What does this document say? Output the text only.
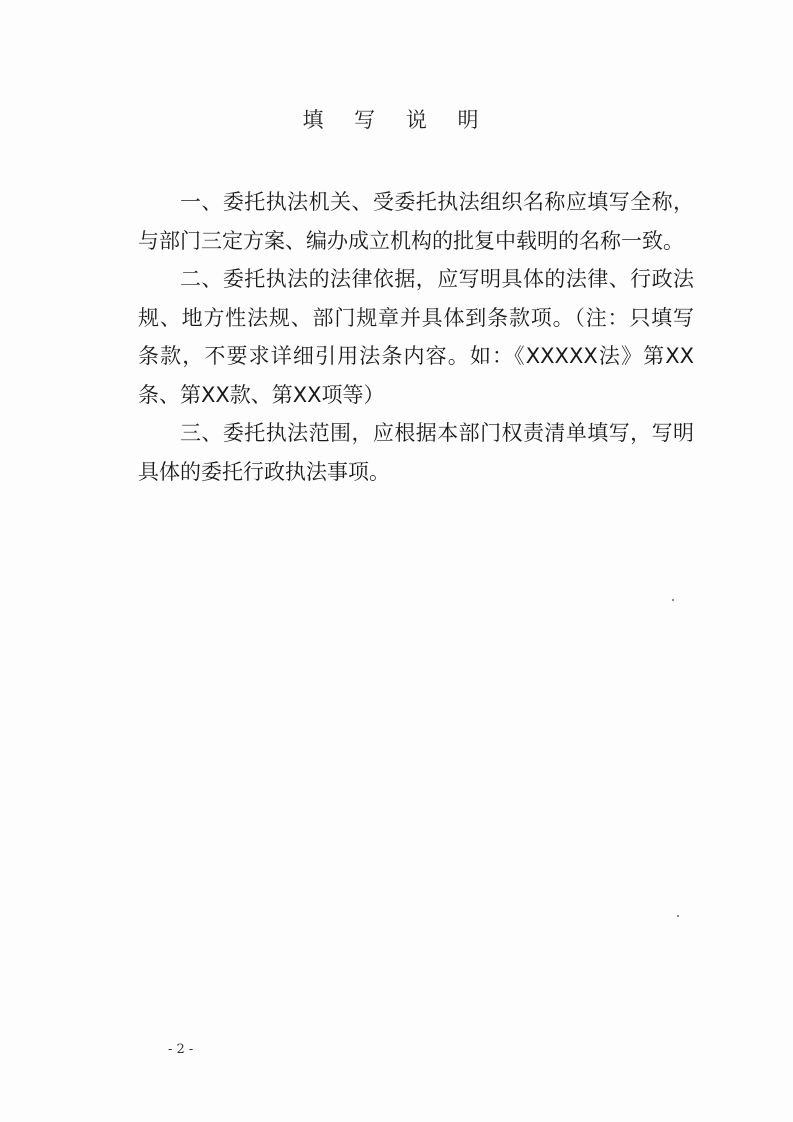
填 写 说 明

一、委托执法机关、受委托执法组织名称应填写全称，与部门三定方案、编办成立机构的批复中载明的名称一致。

二、委托执法的法律依据，应写明具体的法律、行政法规、地方性法规、部门规章并具体到条款项。（注：只填写条款，不要求详细引用法条内容。如：《XXXXX法》第XX条、第XX款、第XX项等）

三、委托执法范围，应根据本部门权责清单填写，写明具体的委托行政执法事项。

- 2 -
